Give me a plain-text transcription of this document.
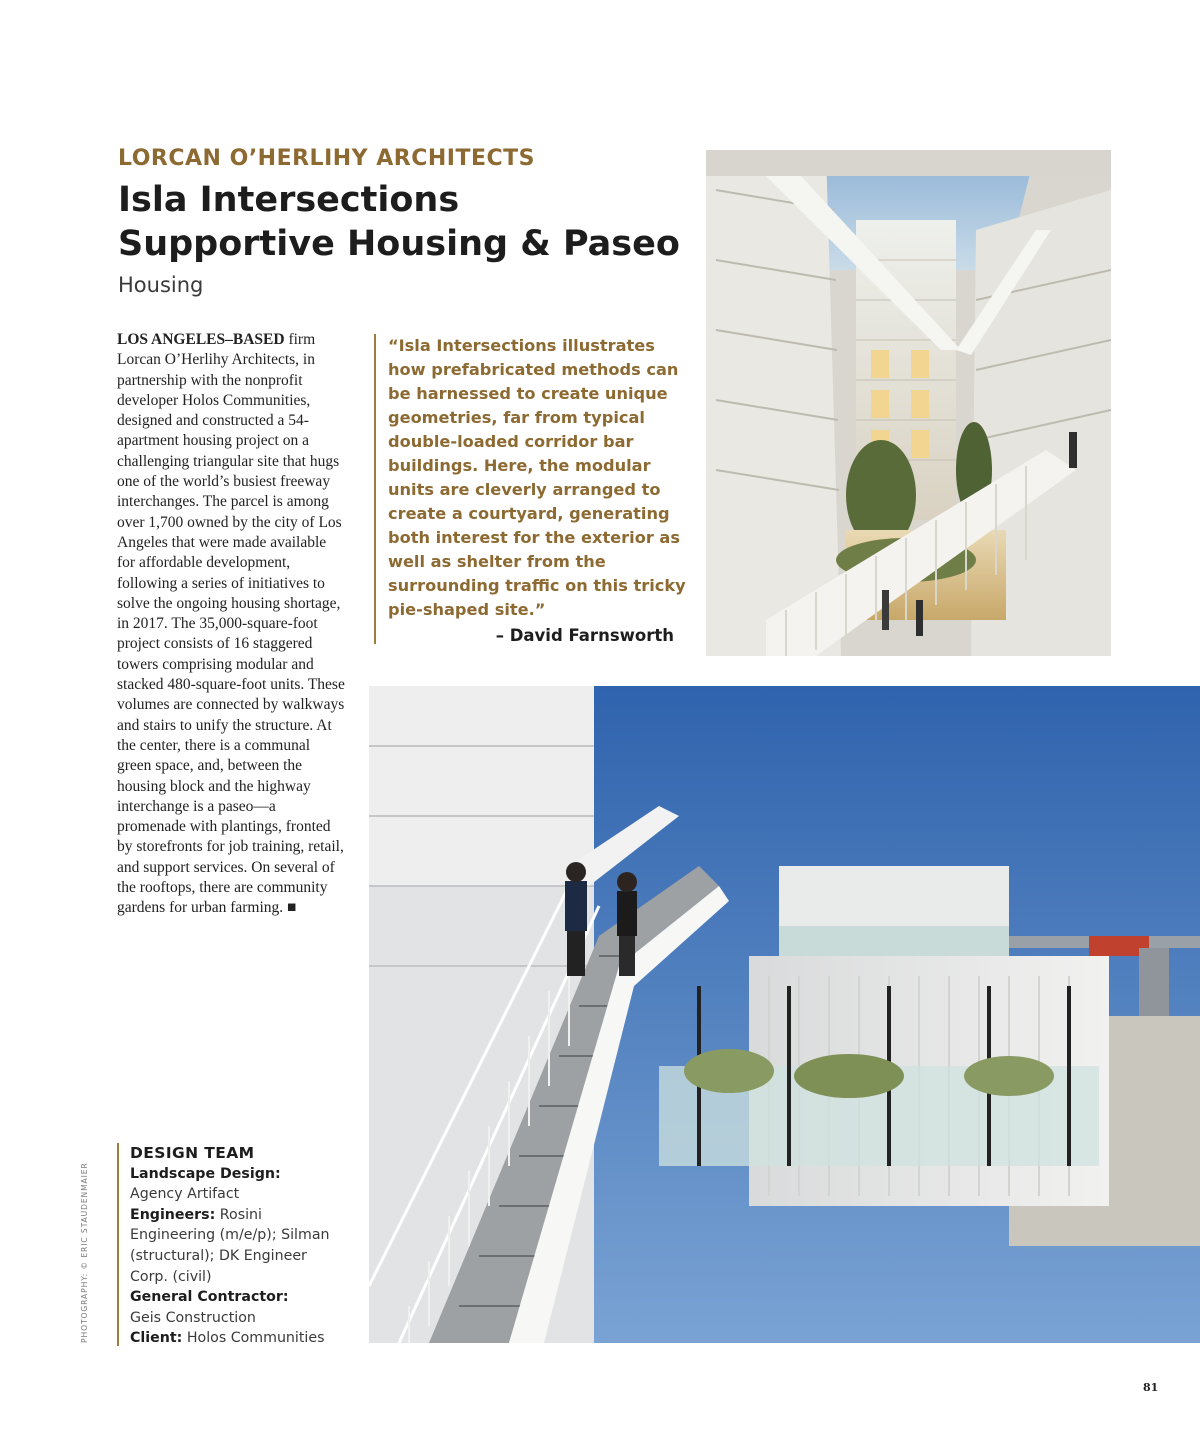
LORCAN O’HERLIHY ARCHITECTS
Isla Intersections
Supportive Housing & Paseo
Housing
LOS ANGELES–BASED firm Lorcan O’Herlihy Architects, in partnership with the nonprofit developer Holos Communities, designed and constructed a 54-apartment housing project on a challenging triangular site that hugs one of the world’s busiest freeway interchanges. The parcel is among over 1,700 owned by the city of Los Angeles that were made available for affordable development, following a series of initiatives to solve the ongoing housing shortage, in 2017. The 35,000-square-foot project consists of 16 staggered towers comprising modular and stacked 480-square-foot units. These volumes are connected by walkways and stairs to unify the structure. At the center, there is a communal green space, and, between the housing block and the highway interchange is a paseo—a promenade with plantings, fronted by storefronts for job training, retail, and support services. On several of the rooftops, there are community gardens for urban farming. ■

“Isla Intersections illustrates how prefabricated methods can be harnessed to create unique geometries, far from typical double-loaded corridor bar buildings. Here, the modular units are cleverly arranged to create a courtyard, generating both interest for the exterior as well as shelter from the surrounding traffic on this tricky pie-shaped site.”

– David Farnsworth
DESIGN TEAM
Landscape Design:
Agency Artifact
Engineers: Rosini Engineering (m/e/p); Silman (structural); DK Engineer Corp. (civil)
General Contractor:
Geis Construction
Client: Holos Communities
PHOTOGRAPHY: © ERIC STAUDENMAIER
81
